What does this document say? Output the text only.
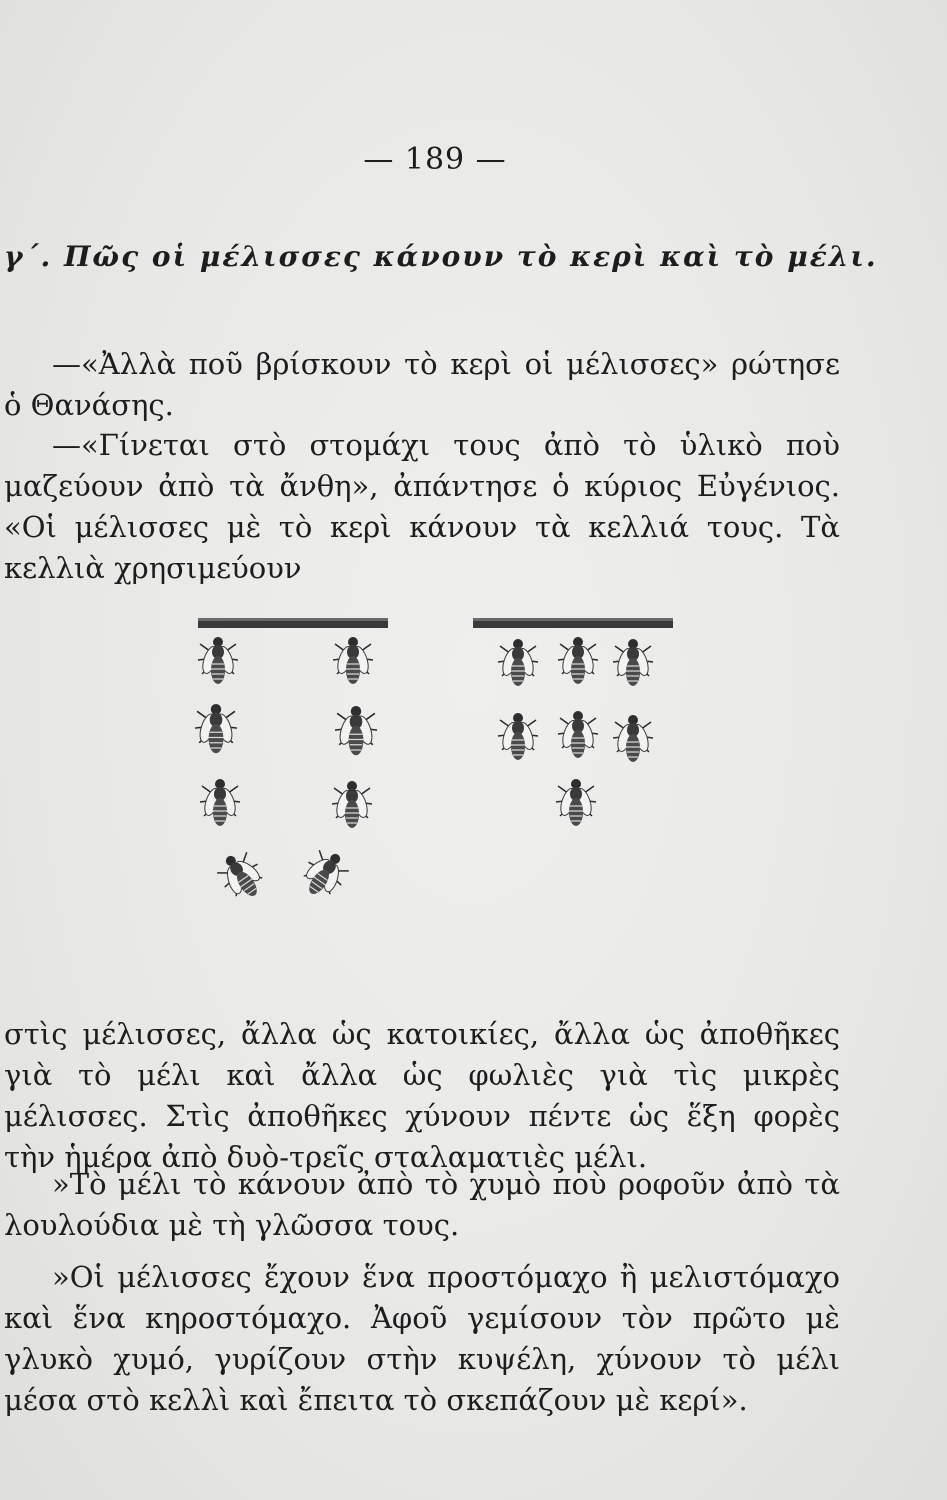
— 189 —
γ΄. Πῶς οἱ μέλισσες κάνουν τὸ κερὶ καὶ τὸ μέλι.
—«Ἀλλὰ ποῦ βρίσκουν τὸ κερὶ οἱ μέλισσες» ρώτησε ὁ Θανάσης.
—«Γίνεται στὸ στομάχι τους ἀπὸ τὸ ὑλικὸ ποὺ μαζεύουν ἀπὸ τὰ ἄνθη», ἀπάντησε ὁ κύριος Εὐγένιος. «Οἱ μέλισσες μὲ τὸ κερὶ κάνουν τὰ κελλιά τους. Τὰ κελλιὰ χρησιμεύουν
στὶς μέλισσες, ἄλλα ὡς κατοικίες, ἄλλα ὡς ἀποθῆκες γιὰ τὸ μέλι καὶ ἄλλα ὡς φωλιὲς γιὰ τὶς μικρὲς μέλισσες. Στὶς ἀποθῆκες χύνουν πέντε ὡς ἕξη φορὲς τὴν ἡμέρα ἀπὸ δυὸ-τρεῖς σταλαματιὲς μέλι.
»Τὸ μέλι τὸ κάνουν ἀπὸ τὸ χυμὸ ποὺ ροφοῦν ἀπὸ τὰ λουλούδια μὲ τὴ γλῶσσα τους.
»Οἱ μέλισσες ἔχουν ἕνα προστόμαχο ἢ μελιστόμαχο καὶ ἕνα κηροστόμαχο. Ἀφοῦ γεμίσουν τὸν πρῶτο μὲ γλυκὸ χυμό, γυρίζουν στὴν κυψέλη, χύνουν τὸ μέλι μέσα στὸ κελλὶ καὶ ἔπειτα τὸ σκεπάζουν μὲ κερί».
